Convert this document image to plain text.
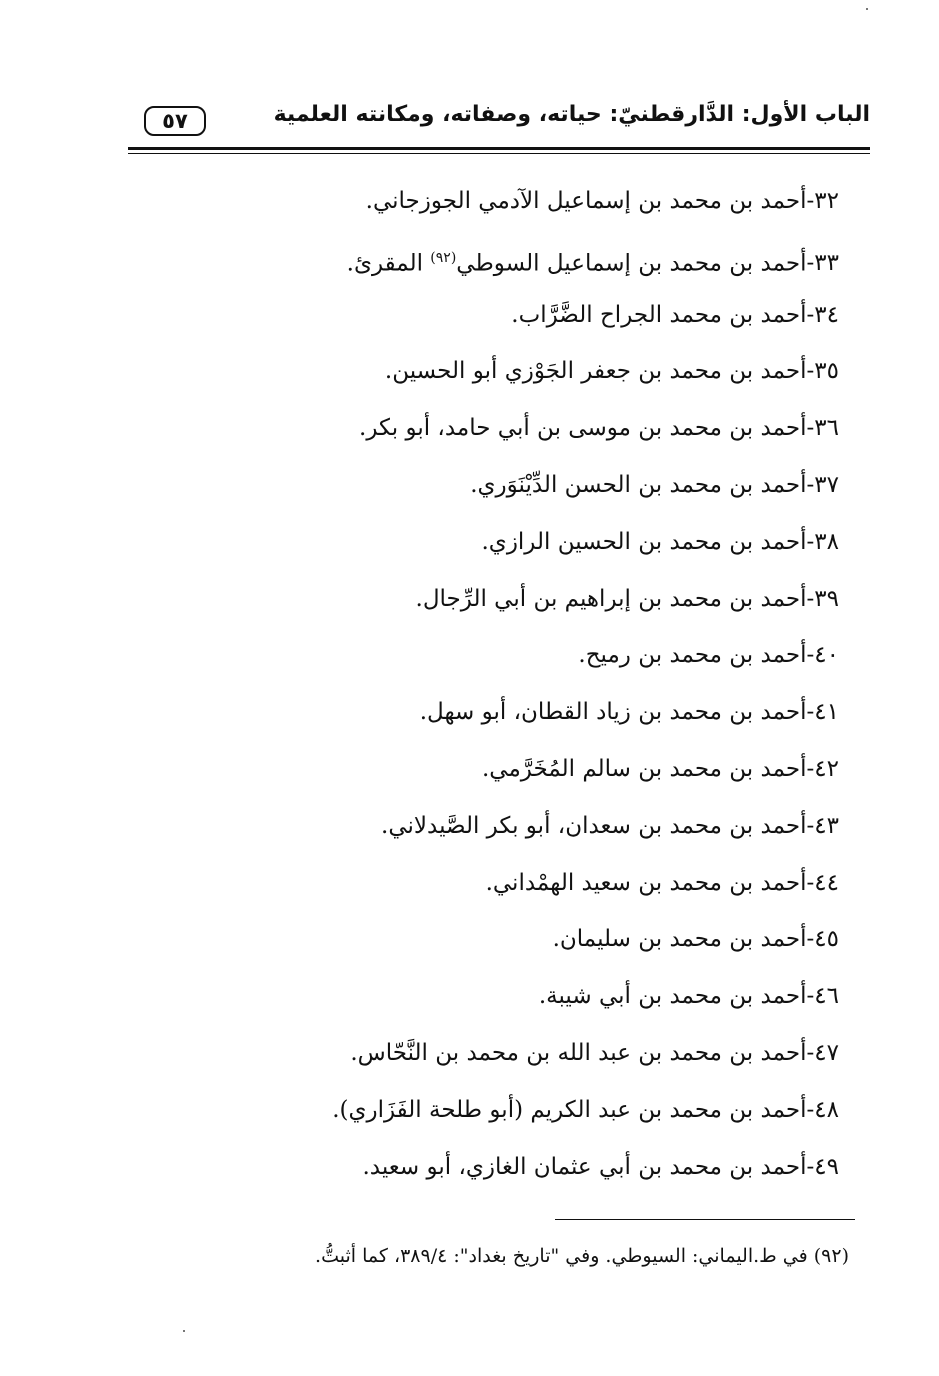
٥٧	الباب الأول: الدَّارقطنيّ: حياته، وصفاته، ومكانته العلمية
٣٢-أحمد بن محمد بن إسماعيل الآدمي الجوزجاني.
٣٣-أحمد بن محمد بن إسماعيل السوطي$^{(٩٢)}$ المقرئ.
٣٤-أحمد بن محمد الجراح الضَّرَّاب.
٣٥-أحمد بن محمد بن جعفر الجَوْزي أبو الحسين.
٣٦-أحمد بن محمد بن موسى بن أبي حامد، أبو بكر.
٣٧-أحمد بن محمد بن الحسن الدِّيْنَوَري.
٣٨-أحمد بن محمد بن الحسين الرازي.
٣٩-أحمد بن محمد بن إبراهيم بن أبي الرِّجال.
٤٠-أحمد بن محمد بن رميح.
٤١-أحمد بن محمد بن زياد القطان، أبو سهل.
٤٢-أحمد بن محمد بن سالم المُخَرَّمي.
٤٣-أحمد بن محمد بن سعدان، أبو بكر الصَّيدلاني.
٤٤-أحمد بن محمد بن سعيد الهمْداني.
٤٥-أحمد بن محمد بن سليمان.
٤٦-أحمد بن محمد بن أبي شيبة.
٤٧-أحمد بن محمد بن عبد الله بن محمد بن النَّحّاس.
٤٨-أحمد بن محمد بن عبد الكريم (أبو طلحة الفَزَاري).
٤٩-أحمد بن محمد بن أبي عثمان الغازي، أبو سعيد.
(٩٢) في ط.اليماني: السيوطي. وفي "تاريخ بغداد": ٣٨٩/٤، كما أثبتُّ.
